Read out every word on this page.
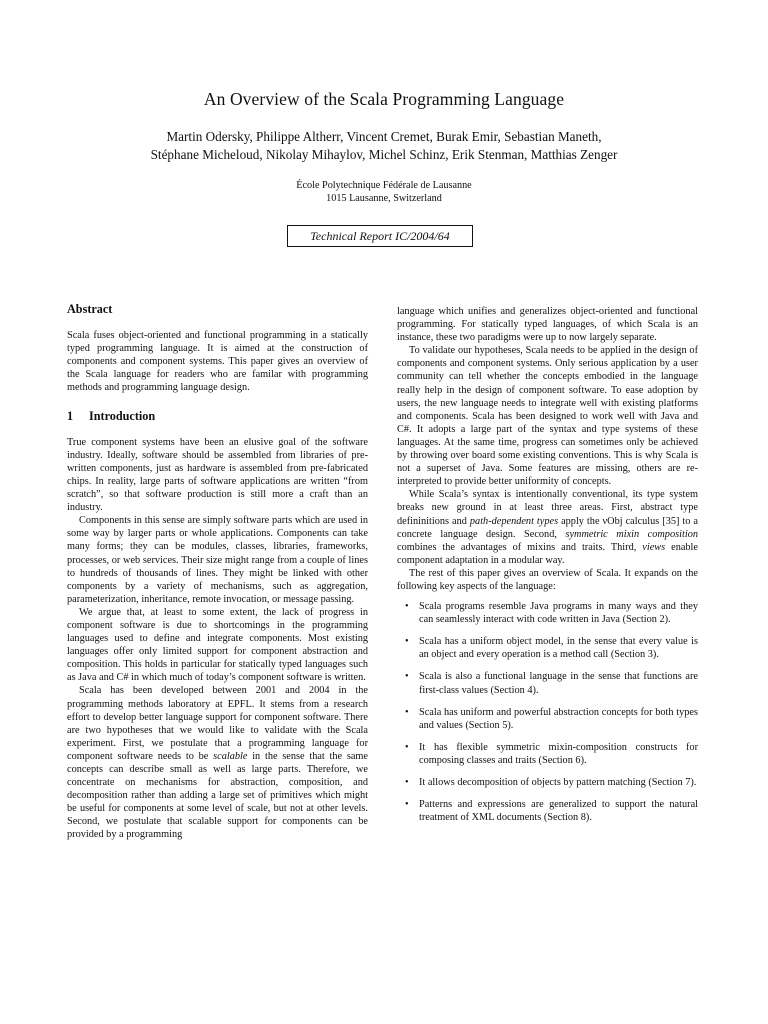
An Overview of the Scala Programming Language
Martin Odersky, Philippe Altherr, Vincent Cremet, Burak Emir, Sebastian Maneth,
Stéphane Micheloud, Nikolay Mihaylov, Michel Schinz, Erik Stenman, Matthias Zenger
École Polytechnique Fédérale de Lausanne
1015 Lausanne, Switzerland
Technical Report IC/2004/64
Abstract

Scala fuses object-oriented and functional programming in a statically typed programming language. It is aimed at the construction of components and component systems. This paper gives an overview of the Scala language for readers who are familar with programming methods and programming language design.

1 Introduction

True component systems have been an elusive goal of the software industry. Ideally, software should be assembled from libraries of pre-written components, just as hardware is assembled from pre-fabricated chips. In reality, large parts of software applications are written “from scratch”, so that software production is still more a craft than an industry.

Components in this sense are simply software parts which are used in some way by larger parts or whole applications. Components can take many forms; they can be modules, classes, libraries, frameworks, processes, or web services. Their size might range from a couple of lines to hundreds of thousands of lines. They might be linked with other components by a variety of mechanisms, such as aggregation, parameterization, inheritance, remote invocation, or message passing.

We argue that, at least to some extent, the lack of progress in component software is due to shortcomings in the programming languages used to define and integrate components. Most existing languages offer only limited support for component abstraction and composition. This holds in particular for statically typed languages such as Java and C# in which much of today’s component software is written.

Scala has been developed between 2001 and 2004 in the programming methods laboratory at EPFL. It stems from a research effort to develop better language support for component software. There are two hypotheses that we would like to validate with the Scala experiment. First, we postulate that a programming language for component software needs to be scalable in the sense that the same concepts can describe small as well as large parts. Therefore, we concentrate on mechanisms for abstraction, composition, and decomposition rather than adding a large set of primitives which might be useful for components at some level of scale, but not at other levels. Second, we postulate that scalable support for components can be provided by a programming

language which unifies and generalizes object-oriented and functional programming. For statically typed languages, of which Scala is an instance, these two paradigms were up to now largely separate.

To validate our hypotheses, Scala needs to be applied in the design of components and component systems. Only serious application by a user community can tell whether the concepts embodied in the language really help in the design of component software. To ease adoption by users, the new language needs to integrate well with existing platforms and components. Scala has been designed to work well with Java and C#. It adopts a large part of the syntax and type systems of these languages. At the same time, progress can sometimes only be achieved by throwing over board some existing conventions. This is why Scala is not a superset of Java. Some features are missing, others are re-interpreted to provide better uniformity of concepts.

While Scala’s syntax is intentionally conventional, its type system breaks new ground in at least three areas. First, abstract type defininitions and path-dependent types apply the νObj calculus [35] to a concrete language design. Second, symmetric mixin composition combines the advantages of mixins and traits. Third, views enable component adaptation in a modular way.

The rest of this paper gives an overview of Scala. It expands on the following key aspects of the language:

• Scala programs resemble Java programs in many ways and they can seamlessly interact with code written in Java (Section 2).
• Scala has a uniform object model, in the sense that every value is an object and every operation is a method call (Section 3).
• Scala is also a functional language in the sense that functions are first-class values (Section 4).
• Scala has uniform and powerful abstraction concepts for both types and values (Section 5).
• It has flexible symmetric mixin-composition constructs for composing classes and traits (Section 6).
• It allows decomposition of objects by pattern matching (Section 7).
• Patterns and expressions are generalized to support the natural treatment of XML documents (Section 8).
